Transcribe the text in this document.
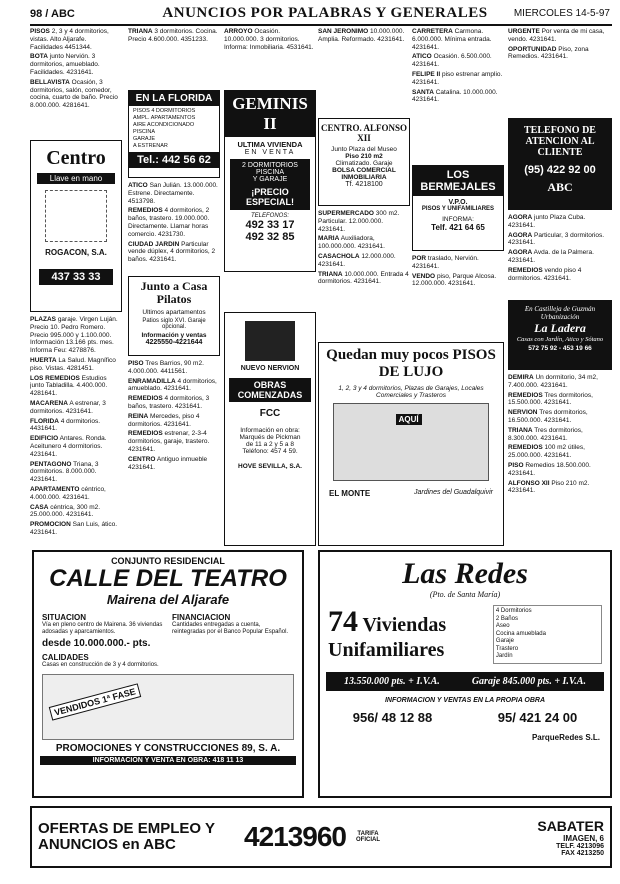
98 / ABC	ANUNCIOS POR PALABRAS Y GENERALES	MIERCOLES 14-5-97

PISOS 2, 3 y 4 dormitorios, vistas. Alto Aljarafe. Facilidades 4451344.

BOTA junto Nervión. 3 dormitorios, amueblado. Facilidades. 4231641.

BELLAVISTA Ocasión, 3 dormitorios, salón, comedor, cocina, cuarto de baño. Precio 8.000.000. 4281641.

Centro
Llave en mano
ROGACON, S.A.
437 33 33

PLAZAS garaje. Virgen Luján. Precio 10. Pedro Romero. Precio 995.000 y 1.100.000. Información 13.166 pts. mes. Informa Feu: 4278876.

HUERTA La Salud. Magnífico piso. Vistas. 4281451.

LOS REMEDIOS Estudios junto Tabladilla. 4.400.000. 4281641.

MACARENA A estrenar, 3 dormitorios. 4231641.

FLORIDA 4 dormitorios. 4431641.

EDIFICIO Antares. Ronda. Aceitunero 4 dormitorios. 4231641.

PENTAGONO Triana, 3 dormitorios. 8.000.000. 4231641.

APARTAMENTO céntrico, 4.000.000. 4231641.

CASA céntrica, 300 m2. 25.000.000. 4231641.

PROMOCION San Luis, ático. 4231641.

TRIANA 3 dormitorios. Cocina. Precio 4.600.000. 4351233.

EN LA FLORIDA
PISOS 4 DORMITORIOS
AMPL. APARTAMENTOS
AIRE ACONDICIONADO
PISCINA
GARAJE
A ESTRENAR
Tel.: 442 56 62

ATICO San Julián. 13.000.000. Estrene. Directamente. 4513798.

REMEDIOS 4 dormitorios, 2 baños, trastero. 19.000.000. Directamente. Llamar horas comercio. 4231730.

CIUDAD JARDIN Particular vende dúplex, 4 dormitorios, 2 baños. 4231641.

Junto a Casa Pilatos
Ultimos apartamentos
Patios siglo XVI. Garaje opcional.
Información y ventas
4225550-4221644

PISO Tres Barrios, 90 m2. 4.000.000. 4411561.

ENRAMADILLA 4 dormitorios, amueblado. 4231641.

REMEDIOS 4 dormitorios, 3 baños, trastero. 4231641.

REINA Mercedes, piso 4 dormitorios. 4231641.

REMEDIOS estrenar, 2-3-4 dormitorios, garaje, trastero. 4231641.

CENTRO Antiguo inmueble 4231641.

ARROYO Ocasión. 10.000.000. 3 dormitorios. Informa: Inmobiliaria. 4531641.

GEMINIS II
ULTIMA VIVIENDA
EN VENTA
2 DORMITORIOS
PISCINA
Y GARAJE
¡PRECIO ESPECIAL!
TELEFONOS:
492 33 17
492 32 85
NUEVO NERVION
OBRAS COMENZADAS
FCC
Información en obra:
Marqués de Pickman
de 11 a 2 y 5 a 8
Teléfono: 457 4 59.
HOVE SEVILLA, S.A.

SAN JERONIMO 10.000.000. Amplia. Reformado. 4231641.

CENTRO. ALFONSO XII
Junto Plaza del Museo
Piso 210 m2
Climatizado. Garaje
BOLSA COMERCIAL
INMOBILIARIA
Tf. 4218100

SUPERMERCADO 300 m2. Particular. 12.000.000. 4231641.

MARIA Auxiliadora, 100.000.000. 4231641.

CASACHOLA 12.000.000. 4231641.

TRIANA 10.000.000. Entrada 4 dormitorios. 4231641.

CARRETERA Carmona. 6.000.000. Mínima entrada. 4231641.

ATICO Ocasión. 6.500.000. 4231641.

FELIPE II piso estrenar amplio. 4231641.

SANTA Catalina. 10.000.000. 4231641.

LOS BERMEJALES
V.P.O.
PISOS Y UNIFAMILIARES
INFORMA:
Telf. 421 64 65

POR traslado, Nervión. 4231641.

VENDO piso, Parque Alcosa. 12.000.000. 4231641.

Quedan muy pocos PISOS DE LUJO
1, 2, 3 y 4 dormitorios, Plazas de Garajes, Locales Comerciales y Trasteros
AQUÍ
EL MONTE	Jardines del Guadalquivir

URGENTE Por venta de mi casa, vendo. 4231641.

OPORTUNIDAD Piso, zona Remedios. 4231641.

TELEFONO DE ATENCION AL CLIENTE
(95) 422 92 00
ABC

AGORA junto Plaza Cuba. 4231641.

AGORA Particular, 3 dormitorios. 4231641.

AGORA Avda. de la Palmera. 4231641.

REMEDIOS vendo piso 4 dormitorios. 4231641.

En Castilleja de Guzmán
Urbanización
La Ladera
Casas con Jardín, Atico y Sótano
572 75 92 - 453 19 66

DEMIRA Un dormitorio, 34 m2, 7.400.000. 4231641.

REMEDIOS Tres dormitorios, 15.500.000. 4231641.

NERVION Tres dormitorios, 16.500.000. 4231641.

TRIANA Tres dormitorios, 8.300.000. 4231641.

REMEDIOS 100 m2 útiles, 25.000.000. 4231641.

PISO Remedios 18.500.000. 4231641.

ALFONSO XII Piso 210 m2. 4231641.

CONJUNTO RESIDENCIAL
CALLE DEL TEATRO
Mairena del Aljarafe
SITUACION
Vía en pleno centro de Mairena. 36 viviendas adosadas y aparcamientos.
desde 10.000.000.- pts.
FINANCIACION
Cantidades entregadas a cuenta, reintegradas por el Banco Popular Español.
CALIDADES
Casas en construcción de 3 y 4 dormitorios.
VENDIDOS 1ª FASE
PROMOCIONES Y CONSTRUCCIONES 89, S. A.
INFORMACION Y VENTA EN OBRA: 418 11 13
Las Redes
(Pto. de Santa María)
74 Viviendas Unifamiliares
4 Dormitorios
2 Baños
Aseo
Cocina amueblada
Garaje
Trastero
Jardín
13.550.000 pts. + I.V.A.	Garaje 845.000 pts. + I.V.A.
INFORMACION Y VENTAS EN LA PROPIA OBRA
956/ 48 12 88	95/ 421 24 00
ParqueRedes S.L.
OFERTAS DE EMPLEO Y ANUNCIOS en ABC	4213960	TARIFA OFICIAL
SABATER
IMAGEN, 6
TELF. 4213096
FAX 4213250
